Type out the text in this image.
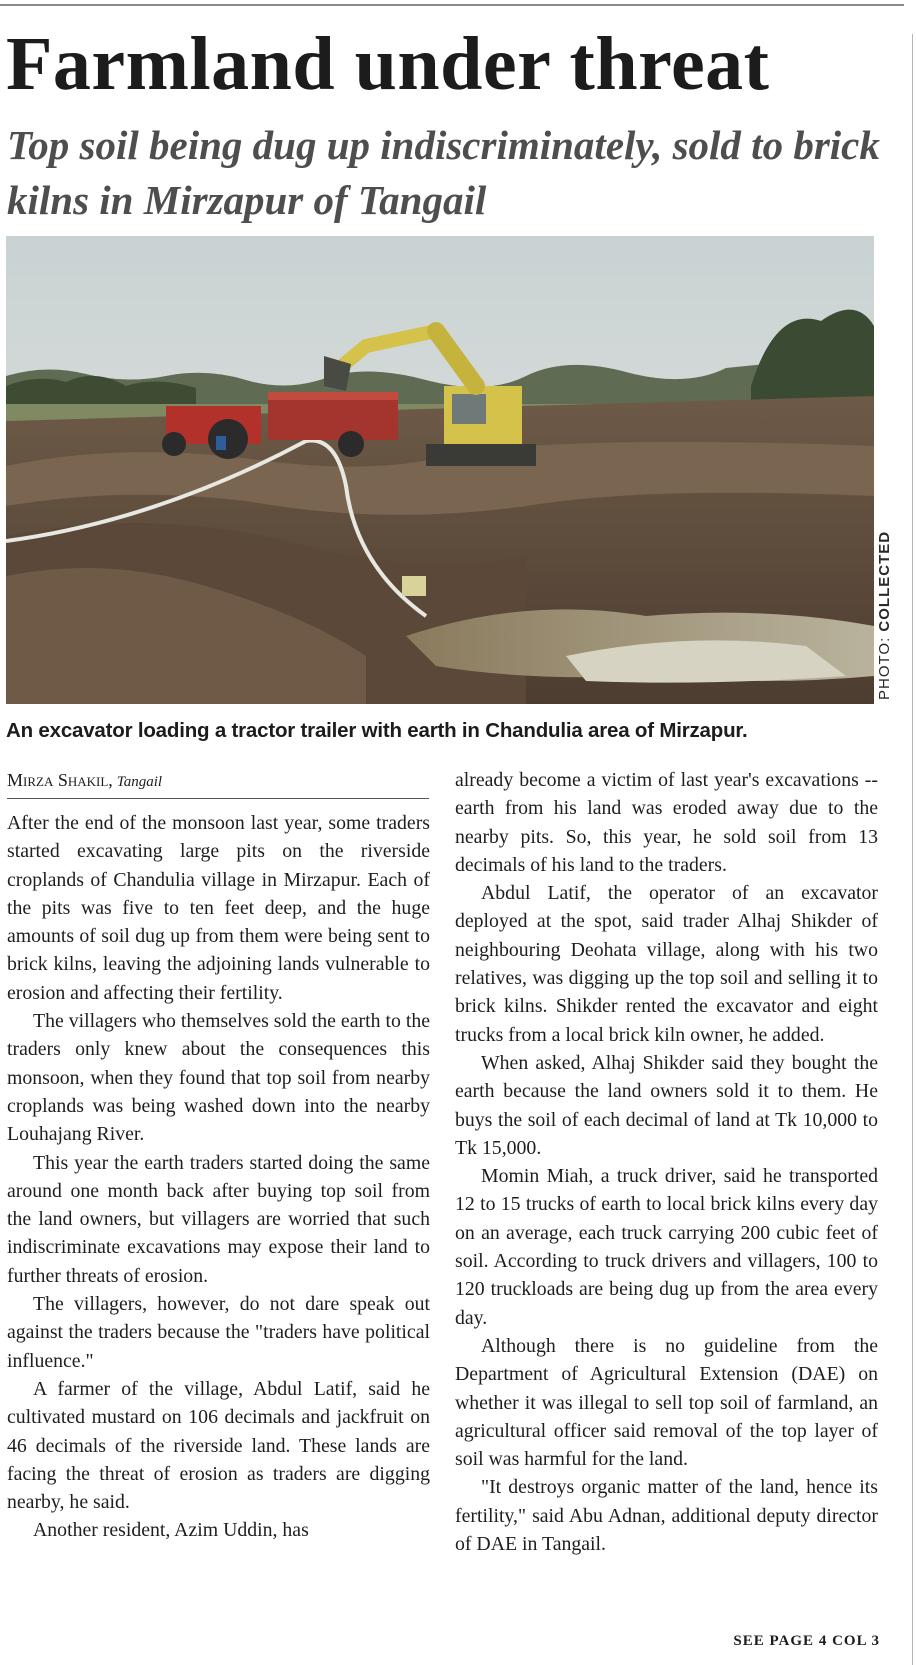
Farmland under threat
Top soil being dug up indiscriminately, sold to brick kilns in Mirzapur of Tangail
PHOTO: COLLECTED

An excavator loading a tractor trailer with earth in Chandulia area of Mirzapur.

Mirza Shakil, Tangail

After the end of the monsoon last year, some traders started excavating large pits on the riverside croplands of Chandulia village in Mirzapur. Each of the pits was five to ten feet deep, and the huge amounts of soil dug up from them were being sent to brick kilns, leaving the adjoining lands vulnerable to erosion and affecting their fertility.

The villagers who themselves sold the earth to the traders only knew about the consequences this monsoon, when they found that top soil from nearby croplands was being washed down into the nearby Louhajang River.

This year the earth traders started doing the same around one month back after buying top soil from the land owners, but villagers are worried that such indiscriminate excavations may expose their land to further threats of erosion.

The villagers, however, do not dare speak out against the traders because the "traders have political influence."

A farmer of the village, Abdul Latif, said he cultivated mustard on 106 decimals and jackfruit on 46 decimals of the riverside land. These lands are facing the threat of erosion as traders are digging nearby, he said.

Another resident, Azim Uddin, has

already become a victim of last year's excavations -- earth from his land was eroded away due to the nearby pits. So, this year, he sold soil from 13 decimals of his land to the traders.

Abdul Latif, the operator of an excavator deployed at the spot, said trader Alhaj Shikder of neighbouring Deohata village, along with his two relatives, was digging up the top soil and selling it to brick kilns. Shikder rented the excavator and eight trucks from a local brick kiln owner, he added.

When asked, Alhaj Shikder said they bought the earth because the land owners sold it to them. He buys the soil of each decimal of land at Tk 10,000 to Tk 15,000.

Momin Miah, a truck driver, said he transported 12 to 15 trucks of earth to local brick kilns every day on an average, each truck carrying 200 cubic feet of soil. According to truck drivers and villagers, 100 to 120 truckloads are being dug up from the area every day.

Although there is no guideline from the Department of Agricultural Extension (DAE) on whether it was illegal to sell top soil of farmland, an agricultural officer said removal of the top layer of soil was harmful for the land.

"It destroys organic matter of the land, hence its fertility," said Abu Adnan, additional deputy director of DAE in Tangail.

SEE PAGE 4 COL 3
